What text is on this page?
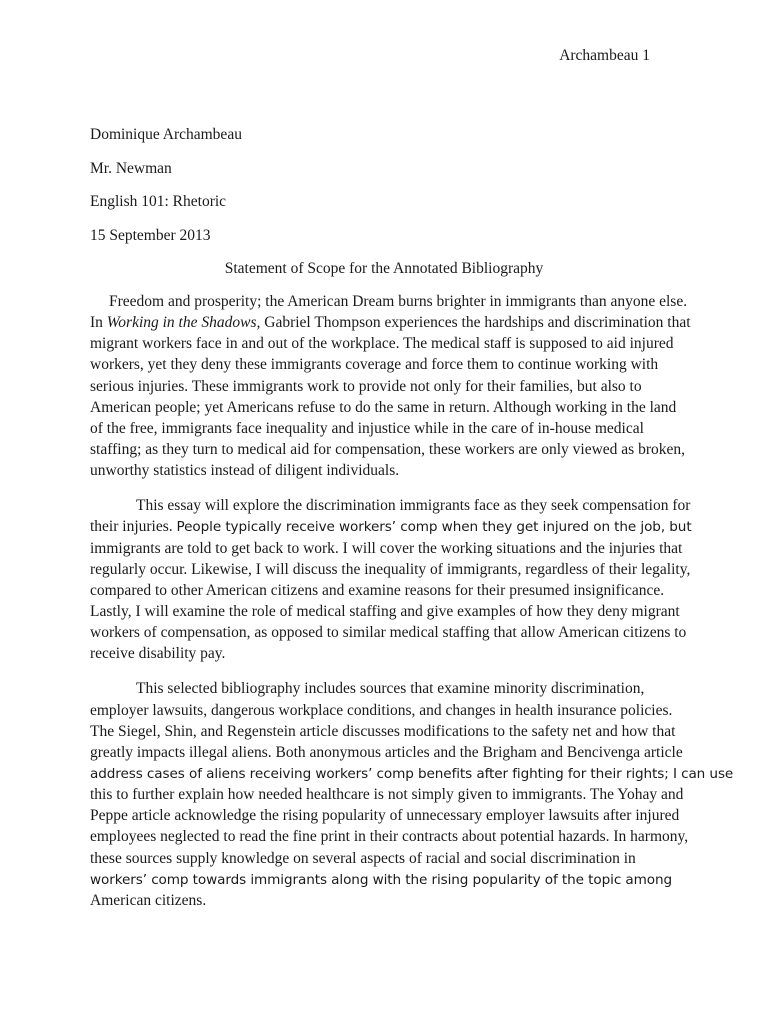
Archambeau 1
Dominique Archambeau
Mr. Newman
English 101: Rhetoric
15 September 2013
Statement of Scope for the Annotated Bibliography
Freedom and prosperity; the American Dream burns brighter in immigrants than anyone else.
In Working in the Shadows, Gabriel Thompson experiences the hardships and discrimination that
migrant workers face in and out of the workplace. The medical staff is supposed to aid injured
workers, yet they deny these immigrants coverage and force them to continue working with
serious injuries. These immigrants work to provide not only for their families, but also to
American people; yet Americans refuse to do the same in return. Although working in the land
of the free, immigrants face inequality and injustice while in the care of in-house medical
staffing; as they turn to medical aid for compensation, these workers are only viewed as broken,
unworthy statistics instead of diligent individuals.
This essay will explore the discrimination immigrants face as they seek compensation for
their injuries. People typically receive workers’ comp when they get injured on the job, but
immigrants are told to get back to work. I will cover the working situations and the injuries that
regularly occur. Likewise, I will discuss the inequality of immigrants, regardless of their legality,
compared to other American citizens and examine reasons for their presumed insignificance.
Lastly, I will examine the role of medical staffing and give examples of how they deny migrant
workers of compensation, as opposed to similar medical staffing that allow American citizens to
receive disability pay.
This selected bibliography includes sources that examine minority discrimination,
employer lawsuits, dangerous workplace conditions, and changes in health insurance policies.
The Siegel, Shin, and Regenstein article discusses modifications to the safety net and how that
greatly impacts illegal aliens. Both anonymous articles and the Brigham and Bencivenga article
address cases of aliens receiving workers’ comp benefits after fighting for their rights; I can use
this to further explain how needed healthcare is not simply given to immigrants. The Yohay and
Peppe article acknowledge the rising popularity of unnecessary employer lawsuits after injured
employees neglected to read the fine print in their contracts about potential hazards. In harmony,
these sources supply knowledge on several aspects of racial and social discrimination in
workers’ comp towards immigrants along with the rising popularity of the topic among
American citizens.
